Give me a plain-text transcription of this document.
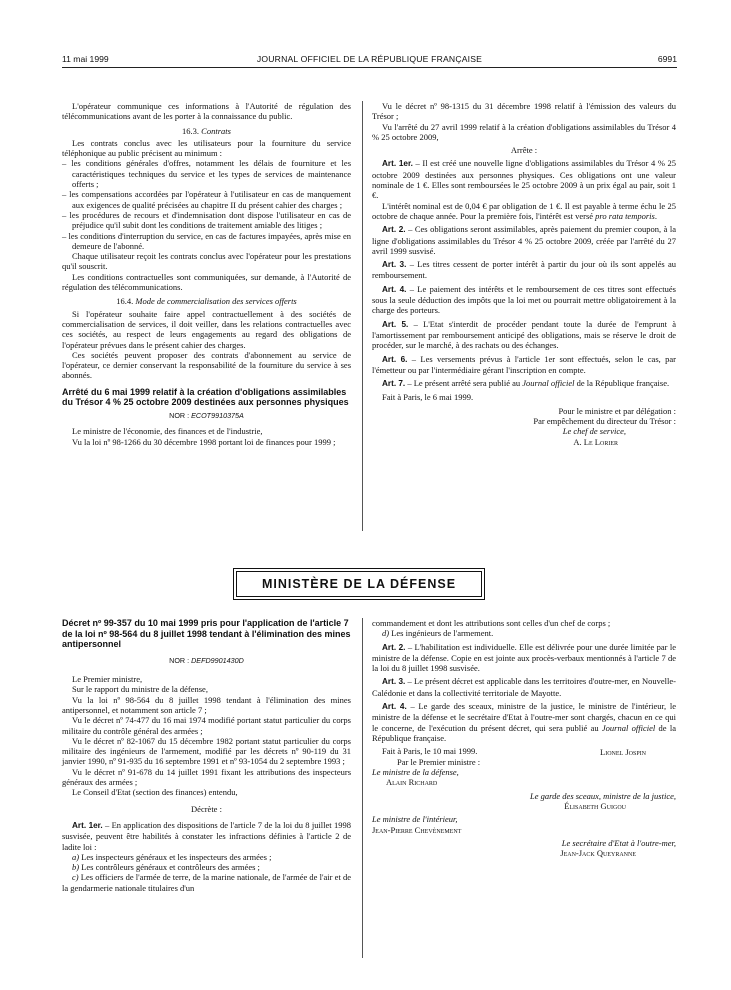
11 mai 1999	JOURNAL OFFICIEL DE LA RÉPUBLIQUE FRANÇAISE	6991

L'opérateur communique ces informations à l'Autorité de régulation des télécommunications avant de les porter à la connaissance du public.

16.3. Contrats

Les contrats conclus avec les utilisateurs pour la fourniture du service téléphonique au public précisent au minimum :

– les conditions générales d'offres, notamment les délais de fourniture et les caractéristiques techniques du service et les types de services de maintenance offerts ;

– les compensations accordées par l'opérateur à l'utilisateur en cas de manquement aux exigences de qualité précisées au chapitre II du présent cahier des charges ;

– les procédures de recours et d'indemnisation dont dispose l'utilisateur en cas de préjudice qu'il subit dont les conditions de traitement amiable des litiges ;

– les conditions d'interruption du service, en cas de factures impayées, après mise en demeure de l'abonné.

Chaque utilisateur reçoit les contrats conclus avec l'opérateur pour les prestations qu'il souscrit.

Les conditions contractuelles sont communiquées, sur demande, à l'Autorité de régulation des télécommunications.

16.4. Mode de commercialisation des services offerts

Si l'opérateur souhaite faire appel contractuellement à des sociétés de commercialisation de services, il doit veiller, dans les relations contractuelles avec ces sociétés, au respect de leurs engagements au regard des obligations de l'opérateur prévues dans le présent cahier des charges.

Ces sociétés peuvent proposer des contrats d'abonnement au service de l'opérateur, ce dernier conservant la responsabilité de la fourniture du service à ses abonnés.

Arrêté du 6 mai 1999 relatif à la création d'obligations assimilables du Trésor 4 % 25 octobre 2009 destinées aux personnes physiques

NOR : ECOT9910375A

Le ministre de l'économie, des finances et de l'industrie,

Vu la loi nº 98-1266 du 30 décembre 1998 portant loi de finances pour 1999 ;

Vu le décret nº 98-1315 du 31 décembre 1998 relatif à l'émission des valeurs du Trésor ;

Vu l'arrêté du 27 avril 1999 relatif à la création d'obligations assimilables du Trésor 4 % 25 octobre 2009,

Arrête :

Art. 1er. – Il est créé une nouvelle ligne d'obligations assimilables du Trésor 4 % 25 octobre 2009 destinées aux personnes physiques. Ces obligations ont une valeur nominale de 1 €. Elles sont remboursées le 25 octobre 2009 à un prix égal au pair, soit 1 €.

L'intérêt nominal est de 0,04 € par obligation de 1 €. Il est payable à terme échu le 25 octobre de chaque année. Pour la première fois, l'intérêt est versé pro rata temporis.

Art. 2. – Ces obligations seront assimilables, après paiement du premier coupon, à la ligne d'obligations assimilables du Trésor 4 % 25 octobre 2009, créée par l'arrêté du 27 avril 1999 susvisé.

Art. 3. – Les titres cessent de porter intérêt à partir du jour où ils sont appelés au remboursement.

Art. 4. – Le paiement des intérêts et le remboursement de ces titres sont effectués sous la seule déduction des impôts que la loi met ou pourrait mettre obligatoirement à la charge des porteurs.

Art. 5. – L'Etat s'interdit de procéder pendant toute la durée de l'emprunt à l'amortissement par remboursement anticipé des obligations, mais se réserve le droit de procéder, sur le marché, à des rachats ou des échanges.

Art. 6. – Les versements prévus à l'article 1er sont effectués, selon le cas, par l'émetteur ou par l'intermédiaire gérant l'inscription en compte.

Art. 7. – Le présent arrêté sera publié au Journal officiel de la République française.

Fait à Paris, le 6 mai 1999.

Pour le ministre et par délégation :

Par empêchement du directeur du Trésor :

Le chef de service,

A. Le Lorier

MINISTÈRE DE LA DÉFENSE

Décret nº 99-357 du 10 mai 1999 pris pour l'application de l'article 7 de la loi nº 98-564 du 8 juillet 1998 tendant à l'élimination des mines antipersonnel

NOR : DEFD9901430D

Le Premier ministre,

Sur le rapport du ministre de la défense,

Vu la loi nº 98-564 du 8 juillet 1998 tendant à l'élimination des mines antipersonnel, et notamment son article 7 ;

Vu le décret nº 74-477 du 16 mai 1974 modifié portant statut particulier du corps militaire du contrôle général des armées ;

Vu le décret nº 82-1067 du 15 décembre 1982 portant statut particulier du corps militaire des ingénieurs de l'armement, modifié par les décrets nº 90-119 du 31 janvier 1990, nº 91-935 du 16 septembre 1991 et nº 93-1054 du 2 septembre 1993 ;

Vu le décret nº 91-678 du 14 juillet 1991 fixant les attributions des inspecteurs généraux des armées ;

Le Conseil d'Etat (section des finances) entendu,

Décrète :

Art. 1er. – En application des dispositions de l'article 7 de la loi du 8 juillet 1998 susvisée, peuvent être habilités à constater les infractions définies à l'article 2 de ladite loi :

a) Les inspecteurs généraux et les inspecteurs des armées ;

b) Les contrôleurs généraux et contrôleurs des armées ;

c) Les officiers de l'armée de terre, de la marine nationale, de l'armée de l'air et de la gendarmerie nationale titulaires d'un

commandement et dont les attributions sont celles d'un chef de corps ;

d) Les ingénieurs de l'armement.

Art. 2. – L'habilitation est individuelle. Elle est délivrée pour une durée limitée par le ministre de la défense. Copie en est jointe aux procès-verbaux mentionnés à l'article 7 de la loi du 8 juillet 1998 susvisée.

Art. 3. – Le présent décret est applicable dans les territoires d'outre-mer, en Nouvelle-Calédonie et dans la collectivité territoriale de Mayotte.

Art. 4. – Le garde des sceaux, ministre de la justice, le ministre de l'intérieur, le ministre de la défense et le secrétaire d'Etat à l'outre-mer sont chargés, chacun en ce qui le concerne, de l'exécution du présent décret, qui sera publié au Journal officiel de la République française.

Fait à Paris, le 10 mai 1999.	Lionel Jospin

Par le Premier ministre :

Le ministre de la défense,

Alain Richard

Le garde des sceaux, ministre de la justice,

Élisabeth Guigou

Le ministre de l'intérieur,

Jean-Pierre Chevènement

Le secrétaire d'Etat à l'outre-mer,

Jean-Jack Queyranne
